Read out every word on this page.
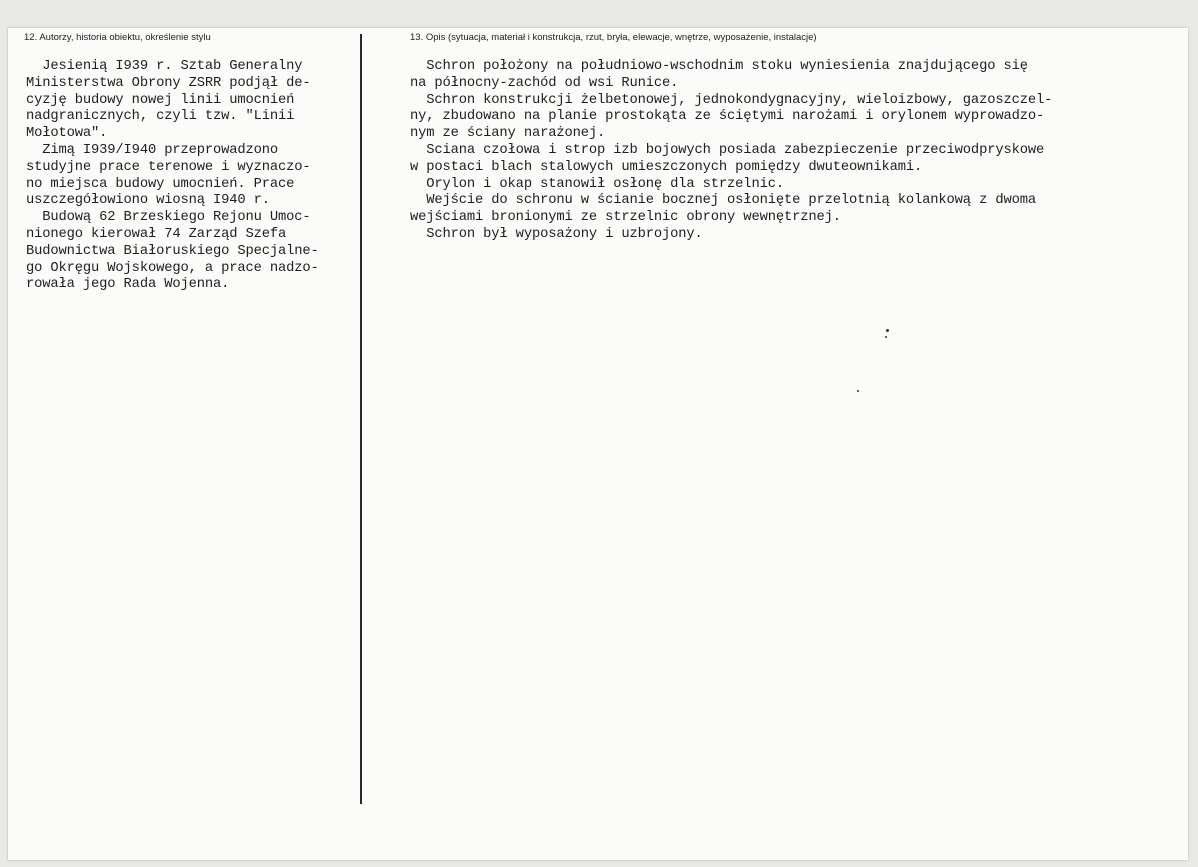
12. Autorzy, historia obiektu, określenie stylu	13. Opis (sytuacja, materiał i konstrukcja, rzut, bryła, elewacje, wnętrze, wyposażenie, instalacje)
Jesienią I939 r. Sztab Generalny
Ministerstwa Obrony ZSRR podjął de-
cyzję budowy nowej linii umocnień
nadgranicznych, czyli tzw. "Linii
Mołotowa".
Zimą I939/I940 przeprowadzono
studyjne prace terenowe i wyznaczo-
no miejsca budowy umocnień. Prace
uszczegółowiono wiosną I940 r.
Budową 62 Brzeskiego Rejonu Umoc-
nionego kierował 74 Zarząd Szefa
Budownictwa Białoruskiego Specjalne-
go Okręgu Wojskowego, a prace nadzo-
rowała jego Rada Wojenna.
Schron położony na południowo-wschodnim stoku wyniesienia znajdującego się
na północny-zachód od wsi Runice.
Schron konstrukcji żelbetonowej, jednokondygnacyjny, wieloizbowy, gazoszczel-
ny, zbudowano na planie prostokąta ze ściętymi narożami i orylonem wyprowadzo-
nym ze ściany narażonej.
Sciana czołowa i strop izb bojowych posiada zabezpieczenie przeciwodpryskowe
w postaci blach stalowych umieszczonych pomiędzy dwuteownikami.
Orylon i okap stanowił osłonę dla strzelnic.
Wejście do schronu w ścianie bocznej osłonięte przelotnią kolankową z dwoma
wejściami bronionymi ze strzelnic obrony wewnętrznej.
Schron był wyposażony i uzbrojony.
